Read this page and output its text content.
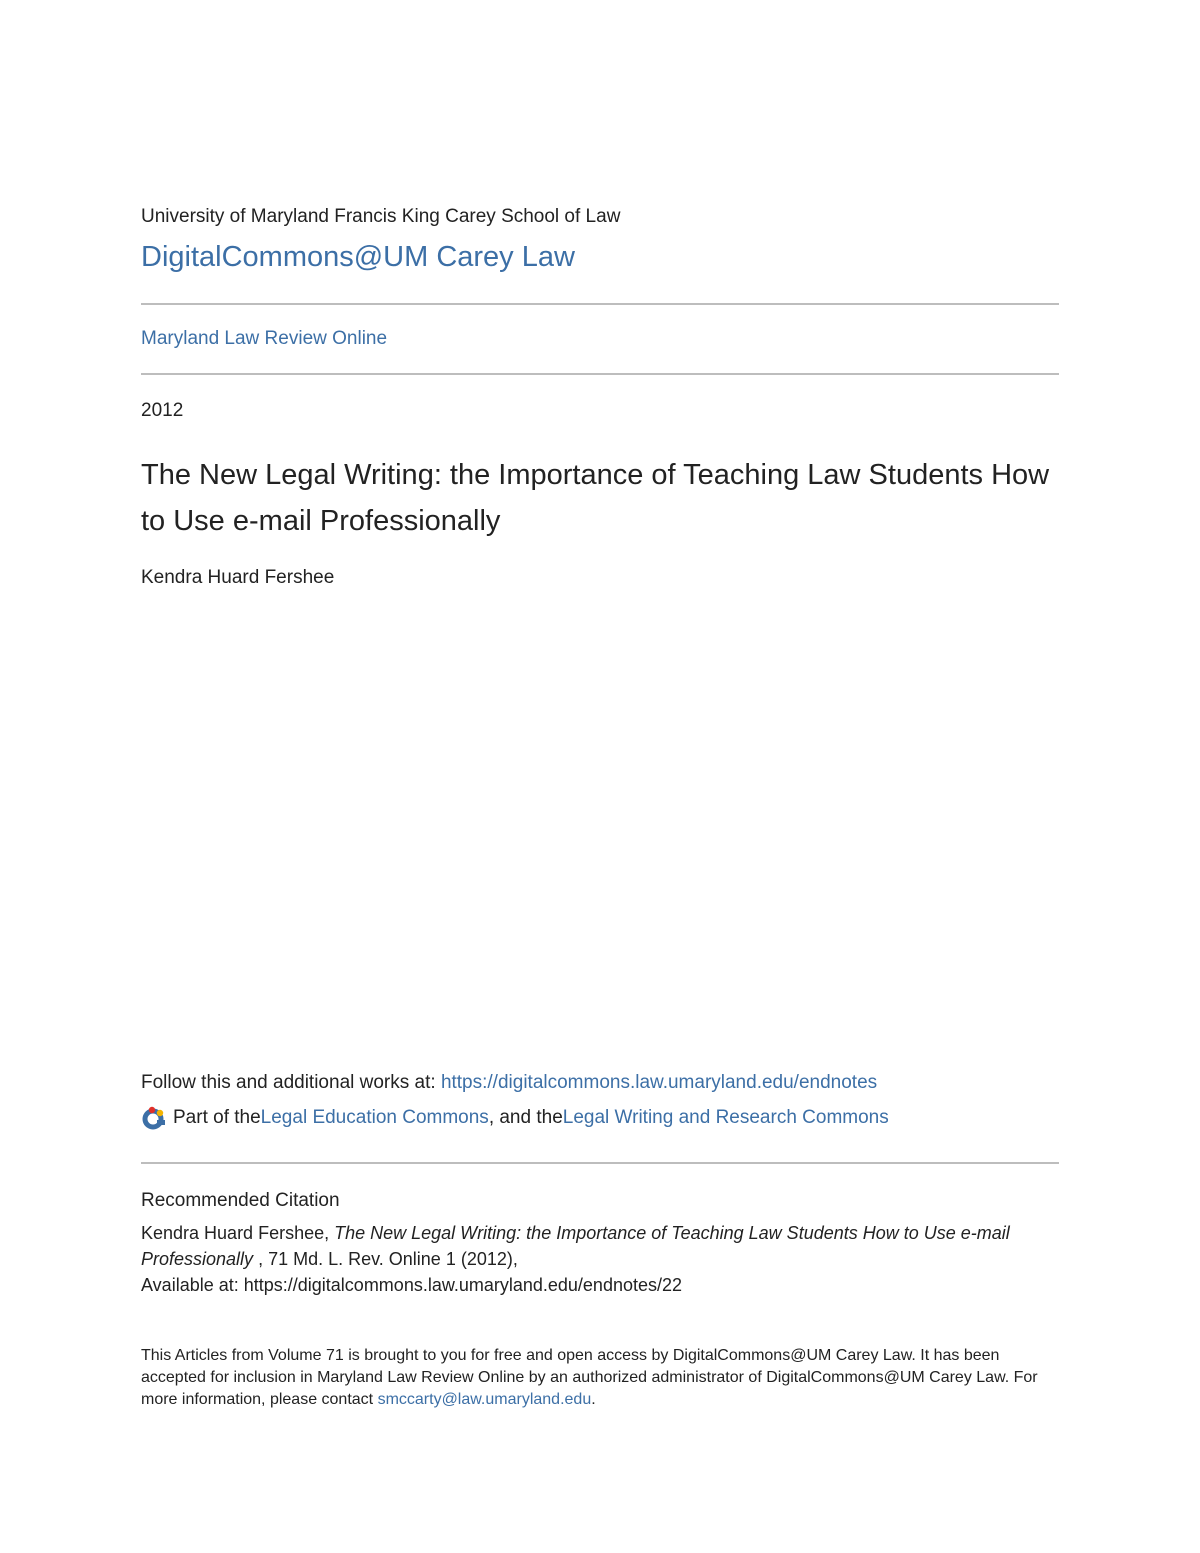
University of Maryland Francis King Carey School of Law
DigitalCommons@UM Carey Law
Maryland Law Review Online
2012
The New Legal Writing: the Importance of Teaching Law Students How to Use e-mail Professionally
Kendra Huard Fershee
Follow this and additional works at: https://digitalcommons.law.umaryland.edu/endnotes
Part of the Legal Education Commons , and the Legal Writing and Research Commons
Recommended Citation
Kendra Huard Fershee, The New Legal Writing: the Importance of Teaching Law Students How to Use e-mail Professionally , 71 Md. L. Rev. Online 1 (2012),
Available at: https://digitalcommons.law.umaryland.edu/endnotes/22
This Articles from Volume 71 is brought to you for free and open access by DigitalCommons@UM Carey Law. It has been accepted for inclusion in Maryland Law Review Online by an authorized administrator of DigitalCommons@UM Carey Law. For more information, please contact smccarty@law.umaryland.edu.
